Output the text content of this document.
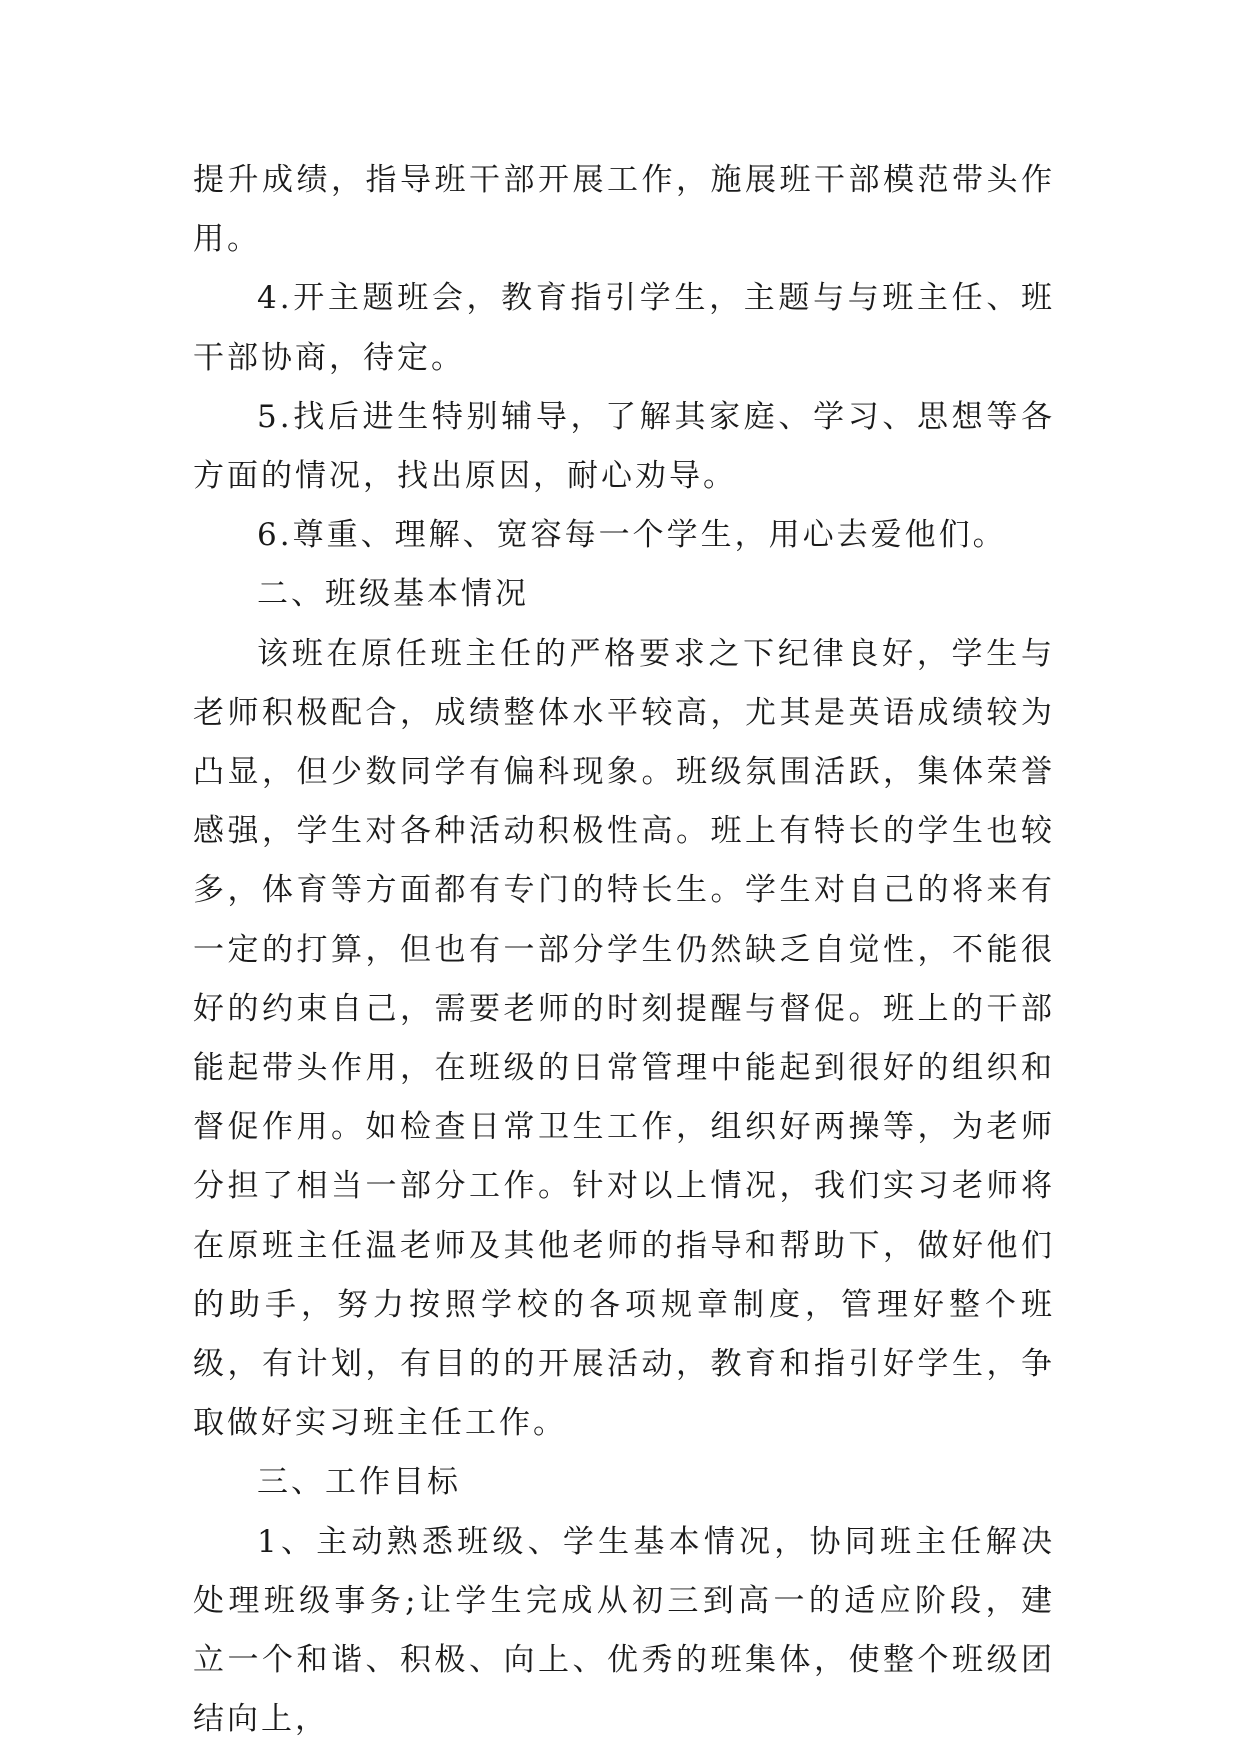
提升成绩，指导班干部开展工作，施展班干部模范带头作用。

4.开主题班会，教育指引学生，主题与与班主任、班干部协商，待定。

5.找后进生特别辅导，了解其家庭、学习、思想等各方面的情况，找出原因，耐心劝导。

6.尊重、理解、宽容每一个学生，用心去爱他们。

二、班级基本情况

该班在原任班主任的严格要求之下纪律良好，学生与老师积极配合，成绩整体水平较高，尤其是英语成绩较为凸显，但少数同学有偏科现象。班级氛围活跃，集体荣誉感强，学生对各种活动积极性高。班上有特长的学生也较多，体育等方面都有专门的特长生。学生对自己的将来有一定的打算，但也有一部分学生仍然缺乏自觉性，不能很好的约束自己，需要老师的时刻提醒与督促。班上的干部能起带头作用，在班级的日常管理中能起到很好的组织和督促作用。如检查日常卫生工作，组织好两操等，为老师分担了相当一部分工作。针对以上情况，我们实习老师将在原班主任温老师及其他老师的指导和帮助下，做好他们的助手，努力按照学校的各项规章制度，管理好整个班级，有计划，有目的的开展活动，教育和指引好学生，争取做好实习班主任工作。

三、工作目标

1、主动熟悉班级、学生基本情况，协同班主任解决处理班级事务;让学生完成从初三到高一的适应阶段，建立一个和谐、积极、向上、优秀的班集体，使整个班级团结向上，
